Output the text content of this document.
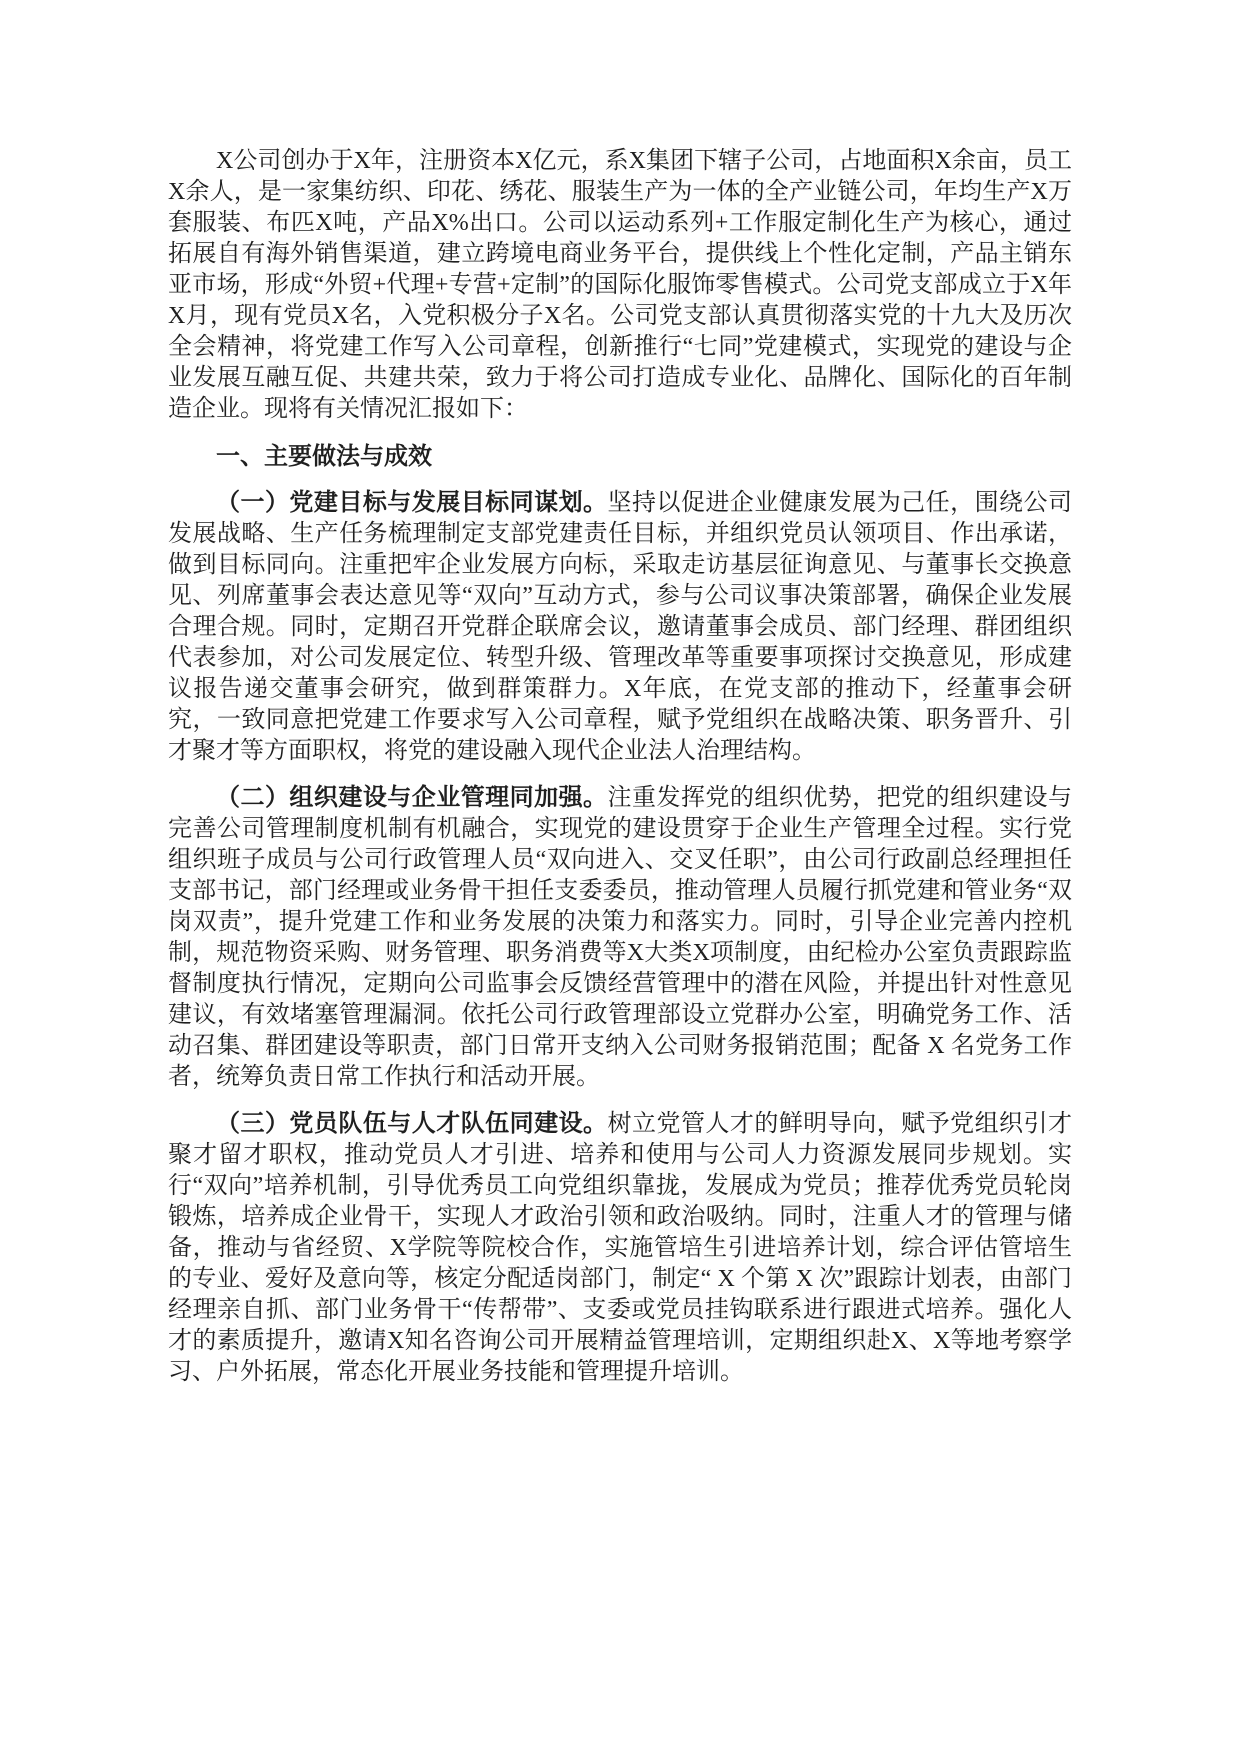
X公司创办于X年，注册资本X亿元，系X集团下辖子公司，占地面积X余亩，员工X余人，是一家集纺织、印花、绣花、服装生产为一体的全产业链公司，年均生产X万套服装、布匹X吨，产品X%出口。公司以运动系列+工作服定制化生产为核心，通过拓展自有海外销售渠道，建立跨境电商业务平台，提供线上个性化定制，产品主销东亚市场，形成“外贸+代理+专营+定制”的国际化服饰零售模式。公司党支部成立于X年X月，现有党员X名，入党积极分子X名。公司党支部认真贯彻落实党的十九大及历次全会精神，将党建工作写入公司章程，创新推行“七同”党建模式，实现党的建设与企业发展互融互促、共建共荣，致力于将公司打造成专业化、品牌化、国际化的百年制造企业。现将有关情况汇报如下：

一、主要做法与成效

（一）党建目标与发展目标同谋划。坚持以促进企业健康发展为己任，围绕公司发展战略、生产任务梳理制定支部党建责任目标，并组织党员认领项目、作出承诺，做到目标同向。注重把牢企业发展方向标，采取走访基层征询意见、与董事长交换意见、列席董事会表达意见等“双向”互动方式，参与公司议事决策部署，确保企业发展合理合规。同时，定期召开党群企联席会议，邀请董事会成员、部门经理、群团组织代表参加，对公司发展定位、转型升级、管理改革等重要事项探讨交换意见，形成建议报告递交董事会研究，做到群策群力。X年底，在党支部的推动下，经董事会研究，一致同意把党建工作要求写入公司章程，赋予党组织在战略决策、职务晋升、引才聚才等方面职权，将党的建设融入现代企业法人治理结构。

（二）组织建设与企业管理同加强。注重发挥党的组织优势，把党的组织建设与完善公司管理制度机制有机融合，实现党的建设贯穿于企业生产管理全过程。实行党组织班子成员与公司行政管理人员“双向进入、交叉任职”，由公司行政副总经理担任支部书记，部门经理或业务骨干担任支委委员，推动管理人员履行抓党建和管业务“双岗双责”，提升党建工作和业务发展的决策力和落实力。同时，引导企业完善内控机制，规范物资采购、财务管理、职务消费等X大类X项制度，由纪检办公室负责跟踪监督制度执行情况，定期向公司监事会反馈经营管理中的潜在风险，并提出针对性意见建议，有效堵塞管理漏洞。依托公司行政管理部设立党群办公室，明确党务工作、活动召集、群团建设等职责，部门日常开支纳入公司财务报销范围；配备 X 名党务工作者，统筹负责日常工作执行和活动开展。

（三）党员队伍与人才队伍同建设。树立党管人才的鲜明导向，赋予党组织引才聚才留才职权，推动党员人才引进、培养和使用与公司人力资源发展同步规划。实行“双向”培养机制，引导优秀员工向党组织靠拢，发展成为党员；推荐优秀党员轮岗锻炼，培养成企业骨干，实现人才政治引领和政治吸纳。同时，注重人才的管理与储备，推动与省经贸、X学院等院校合作，实施管培生引进培养计划，综合评估管培生的专业、爱好及意向等，核定分配适岗部门，制定“ X 个第 X 次”跟踪计划表，由部门经理亲自抓、部门业务骨干“传帮带”、支委或党员挂钩联系进行跟进式培养。强化人才的素质提升，邀请X知名咨询公司开展精益管理培训，定期组织赴X、X等地考察学习、户外拓展，常态化开展业务技能和管理提升培训。
